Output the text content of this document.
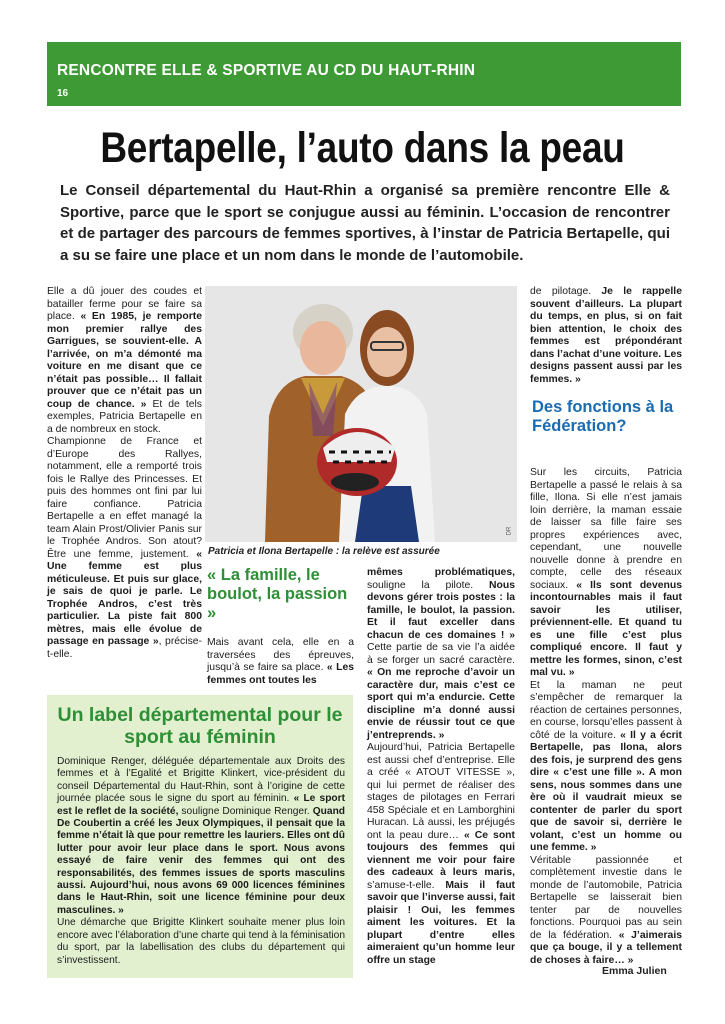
RENCONTRE ELLE & SPORTIVE AU CD DU HAUT-RHIN
16
Bertapelle, l’auto dans la peau

Le Conseil départemental du Haut-Rhin a organisé sa première rencontre Elle & Sportive, parce que le sport se conjugue aussi au féminin. L’occasion de rencontrer et de partager des parcours de femmes sportives, à l’instar de Patricia Bertapelle, qui a su se faire une place et un nom dans le monde de l’automobile.

Elle a dû jouer des coudes et batailler ferme pour se faire sa place. « En 1985, je remporte mon premier rallye des Garrigues, se souvient-elle. A l’arrivée, on m’a démonté ma voiture en me disant que ce n’était pas possible… Il fallait prouver que ce n’était pas un coup de chance. » Et de tels exemples, Patricia Bertapelle en a de nombreux en stock.

Championne de France et d’Europe des Rallyes, notamment, elle a remporté trois fois le Rallye des Princesses. Et puis des hommes ont fini par lui faire confiance. Patricia Bertapelle a en effet managé la team Alain Prost/Olivier Panis sur le Trophée Andros. Son atout? Être une femme, justement. « Une femme est plus méticuleuse. Et puis sur glace, je sais de quoi je parle. Le Trophée Andros, c’est très particulier. La piste fait 800 mètres, mais elle évolue de passage en passage », précise-t-elle.

DR
Patricia et Ilona Bertapelle : la relève est assurée
« La famille, le boulot, la passion »

Mais avant cela, elle en a traversées des épreuves, jusqu’à se faire sa place. « Les femmes ont toutes les

mêmes problématiques, souligne la pilote. Nous devons gérer trois postes : la famille, le boulot, la passion. Et il faut exceller dans chacun de ces domaines ! » Cette partie de sa vie l’a aidée à se forger un sacré caractère. « On me reproche d’avoir un caractère dur, mais c’est ce sport qui m’a endurcie. Cette discipline m’a donné aussi envie de réussir tout ce que j’entreprends. »

Aujourd’hui, Patricia Bertapelle est aussi chef d’entreprise. Elle a créé « ATOUT VITESSE », qui lui permet de réaliser des stages de pilotages en Ferrari 458 Spéciale et en Lamborghini Huracan. Là aussi, les préjugés ont la peau dure… « Ce sont toujours des femmes qui viennent me voir pour faire des cadeaux à leurs maris, s’amuse-t-elle. Mais il faut savoir que l’inverse aussi, fait plaisir ! Oui, les femmes aiment les voitures. Et la plupart d’entre elles aimeraient qu’un homme leur offre un stage

de pilotage. Je le rappelle souvent d’ailleurs. La plupart du temps, en plus, si on fait bien attention, le choix des femmes est prépondérant dans l’achat d’une voiture. Les designs passent aussi par les femmes. »

Des fonctions à la Fédération?

Sur les circuits, Patricia Bertapelle a passé le relais à sa fille, Ilona. Si elle n’est jamais loin derrière, la maman essaie de laisser sa fille faire ses propres expériences avec, cependant, une nouvelle nouvelle donne à prendre en compte, celle des réseaux sociaux. « Ils sont devenus incontournables mais il faut savoir les utiliser, préviennent-elle. Et quand tu es une fille c’est plus compliqué encore. Il faut y mettre les formes, sinon, c’est mal vu. »

Et la maman ne peut s’empêcher de remarquer la réaction de certaines personnes, en course, lorsqu’elles passent à côté de la voiture. « Il y a écrit Bertapelle, pas Ilona, alors des fois, je surprend des gens dire « c’est une fille ». A mon sens, nous sommes dans une ère où il vaudrait mieux se contenter de parler du sport que de savoir si, derrière le volant, c’est un homme ou une femme. »

Véritable passionnée et complètement investie dans le monde de l’automobile, Patricia Bertapelle se laisserait bien tenter par de nouvelles fonctions. Pourquoi pas au sein de la fédération. « J’aimerais que ça bouge, il y a tellement de choses à faire… »

Emma Julien
Un label départemental pour le sport au féminin

Dominique Renger, déléguée départementale aux Droits des femmes et à l’Egalité et Brigitte Klinkert, vice-président du conseil Départemental du Haut-Rhin, sont à l’origine de cette journée placée sous le signe du sport au féminin. « Le sport est le reflet de la société, souligne Dominique Renger. Quand De Coubertin a créé les Jeux Olympiques, il pensait que la femme n’était là que pour remettre les lauriers. Elles ont dû lutter pour avoir leur place dans le sport. Nous avons essayé de faire venir des femmes qui ont des responsabilités, des femmes issues de sports masculins aussi. Aujourd’hui, nous avons 69 000 licences féminines dans le Haut-Rhin, soit une licence féminine pour deux masculines. »

Une démarche que Brigitte Klinkert souhaite mener plus loin encore avec l’élaboration d’une charte qui tend à la féminisation du sport, par la labellisation des clubs du département qui s’investissent.
